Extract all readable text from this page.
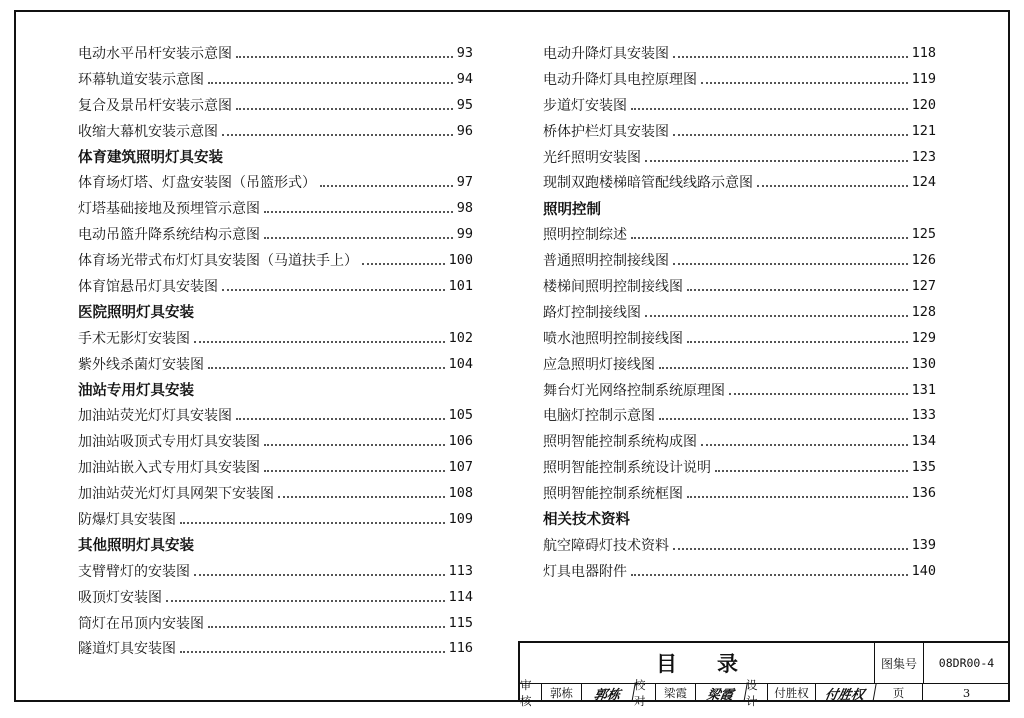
电动水平吊杆安装示意图	93
环幕轨道安装示意图	94
复合及景吊杆安装示意图	95
收缩大幕机安装示意图	96
体育建筑照明灯具安装
体育场灯塔、灯盘安装图（吊篮形式）	97
灯塔基础接地及预埋管示意图	98
电动吊篮升降系统结构示意图	99
体育场光带式布灯灯具安装图（马道扶手上）	100
体育馆悬吊灯具安装图	101
医院照明灯具安装
手术无影灯安装图	102
紫外线杀菌灯安装图	104
油站专用灯具安装
加油站荧光灯灯具安装图	105
加油站吸顶式专用灯具安装图	106
加油站嵌入式专用灯具安装图	107
加油站荧光灯灯具网架下安装图	108
防爆灯具安装图	109
其他照明灯具安装
支臂臂灯的安装图	113
吸顶灯安装图	114
筒灯在吊顶内安装图	115
隧道灯具安装图	116
电动升降灯具安装图	118
电动升降灯具电控原理图	119
步道灯安装图	120
桥体护栏灯具安装图	121
光纤照明安装图	123
现制双跑楼梯暗管配线线路示意图	124
照明控制
照明控制综述	125
普通照明控制接线图	126
楼梯间照明控制接线图	127
路灯控制接线图	128
喷水池照明控制接线图	129
应急照明灯接线图	130
舞台灯光网络控制系统原理图	131
电脑灯控制示意图	133
照明智能控制系统构成图	134
照明智能控制系统设计说明	135
照明智能控制系统框图	136
相关技术资料
航空障碍灯技术资料	139
灯具电器附件	140
目录	图集号	08DR00-4
审核
郭栋	郭栋
校对
梁霞	梁霞
设计
付胜权	付胜权	页	3
